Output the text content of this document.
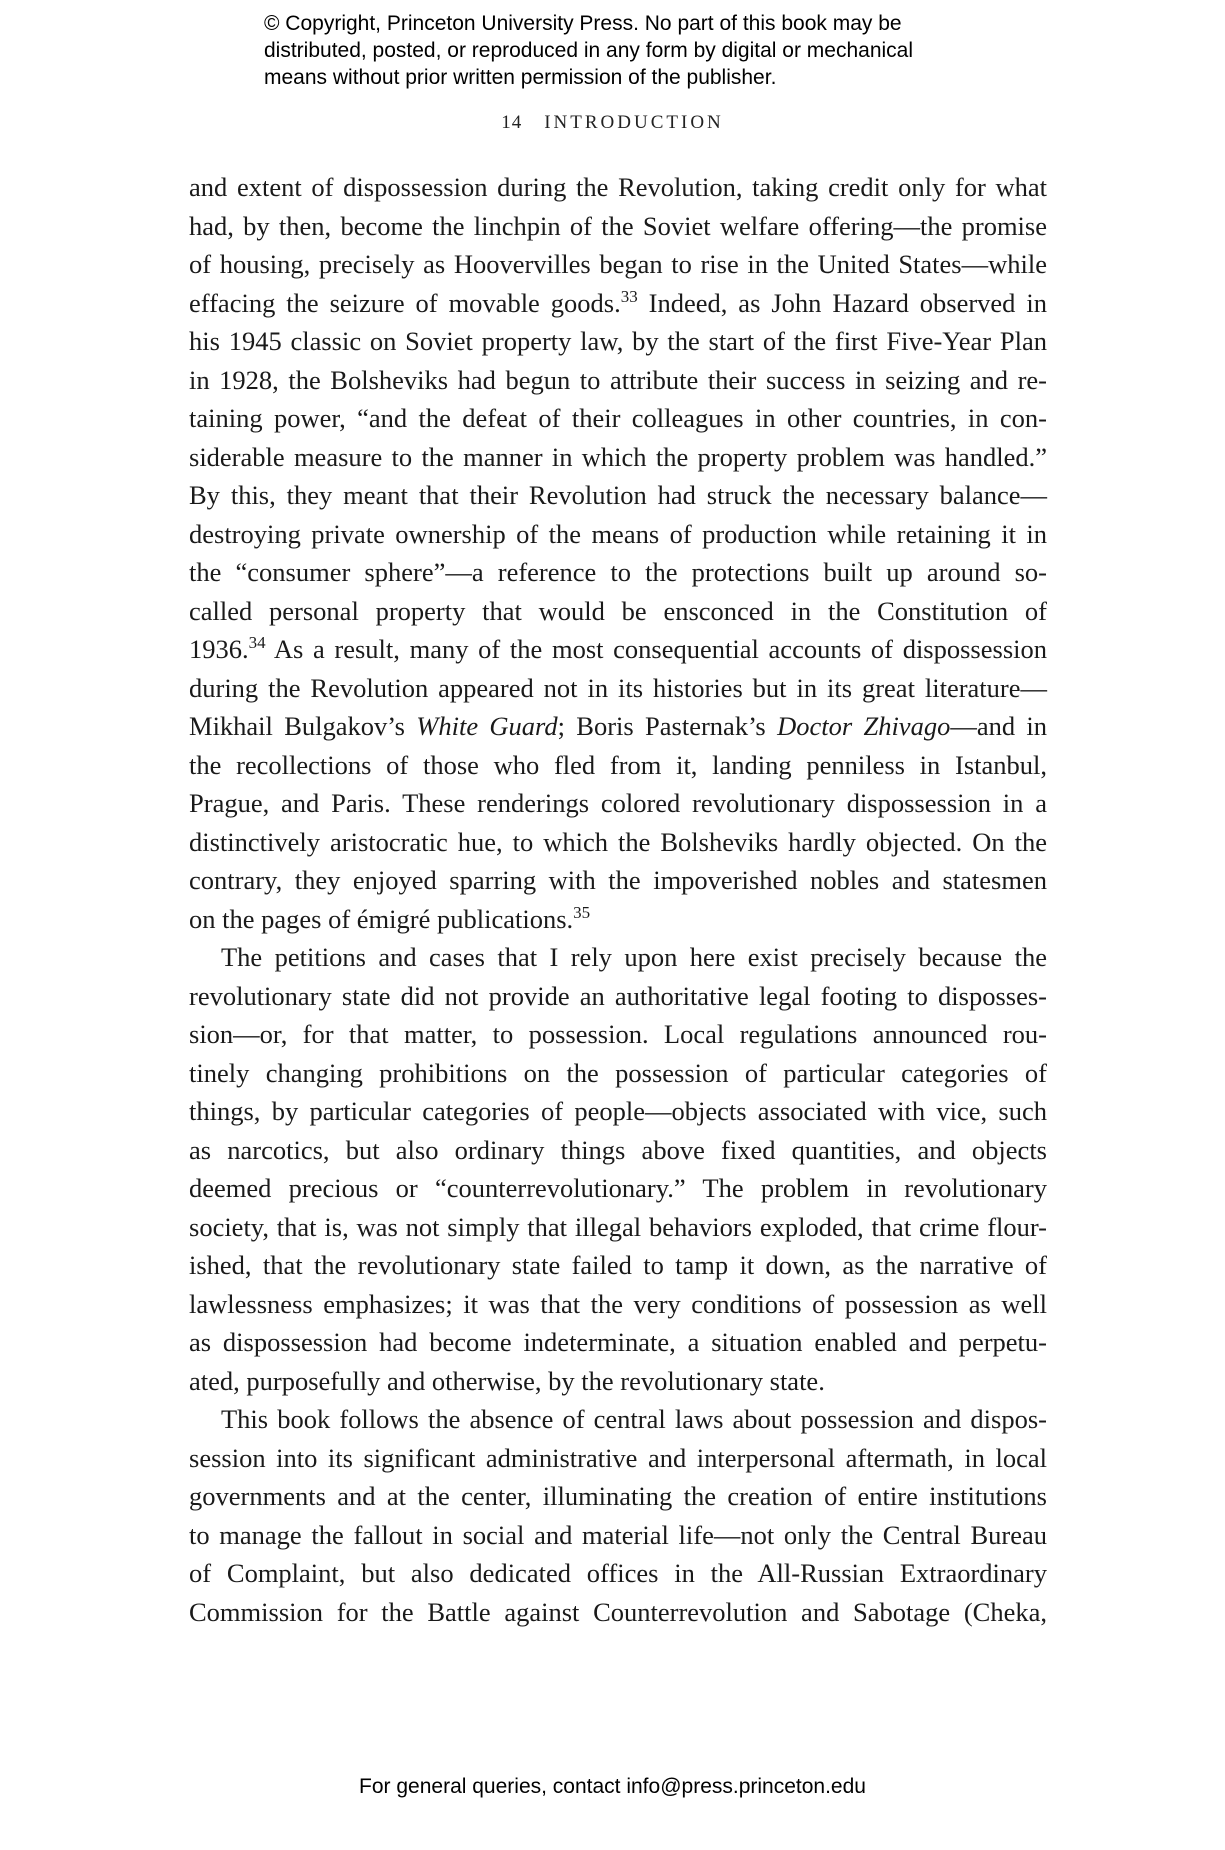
© Copyright, Princeton University Press. No part of this book may be
distributed, posted, or reproduced in any form by digital or mechanical
means without prior written permission of the publisher.
14 INTRODUCTION
and extent of dispossession during the Revolution, taking credit only for what
had, by then, become the linchpin of the Soviet welfare offering—the promise
of housing, precisely as Hoovervilles began to rise in the United States—while
effacing the seizure of movable goods.$^{33}$ Indeed, as John Hazard observed in
his 1945 classic on Soviet property law, by the start of the first Five-Year Plan
in 1928, the Bolsheviks had begun to attribute their success in seizing and re-
taining power, “and the defeat of their colleagues in other countries, in con-
siderable measure to the manner in which the property problem was handled.”
By this, they meant that their Revolution had struck the necessary balance—
destroying private ownership of the means of production while retaining it in
the “consumer sphere”—a reference to the protections built up around so-
called personal property that would be ensconced in the Constitution of
1936.34 As a result, many of the most consequential accounts of dispossession
during the Revolution appeared not in its histories but in its great literature—
Mikhail Bulgakov’s White Guard; Boris Pasternak’s Doctor Zhivago—and in
the recollections of those who fled from it, landing penniless in Istanbul,
Prague, and Paris. These renderings colored revolutionary dispossession in a
distinctively aristocratic hue, to which the Bolsheviks hardly objected. On the
contrary, they enjoyed sparring with the impoverished nobles and statesmen
on the pages of émigré publications.$^{35}$
The petitions and cases that I rely upon here exist precisely because the
revolutionary state did not provide an authoritative legal footing to disposses-
sion—or, for that matter, to possession. Local regulations announced rou-
tinely changing prohibitions on the possession of particular categories of
things, by particular categories of people—objects associated with vice, such
as narcotics, but also ordinary things above fixed quantities, and objects
deemed precious or “counterrevolutionary.” The problem in revolutionary
society, that is, was not simply that illegal behaviors exploded, that crime flour-
ished, that the revolutionary state failed to tamp it down, as the narrative of
lawlessness emphasizes; it was that the very conditions of possession as well
as dispossession had become indeterminate, a situation enabled and perpetu-
ated, purposefully and otherwise, by the revolutionary state.
This book follows the absence of central laws about possession and dispos-
session into its significant administrative and interpersonal aftermath, in local
governments and at the center, illuminating the creation of entire institutions
to manage the fallout in social and material life—not only the Central Bureau
of Complaint, but also dedicated offices in the All-Russian Extraordinary
Commission for the Battle against Counterrevolution and Sabotage (Cheka,
For general queries, contact info@press.princeton.edu
